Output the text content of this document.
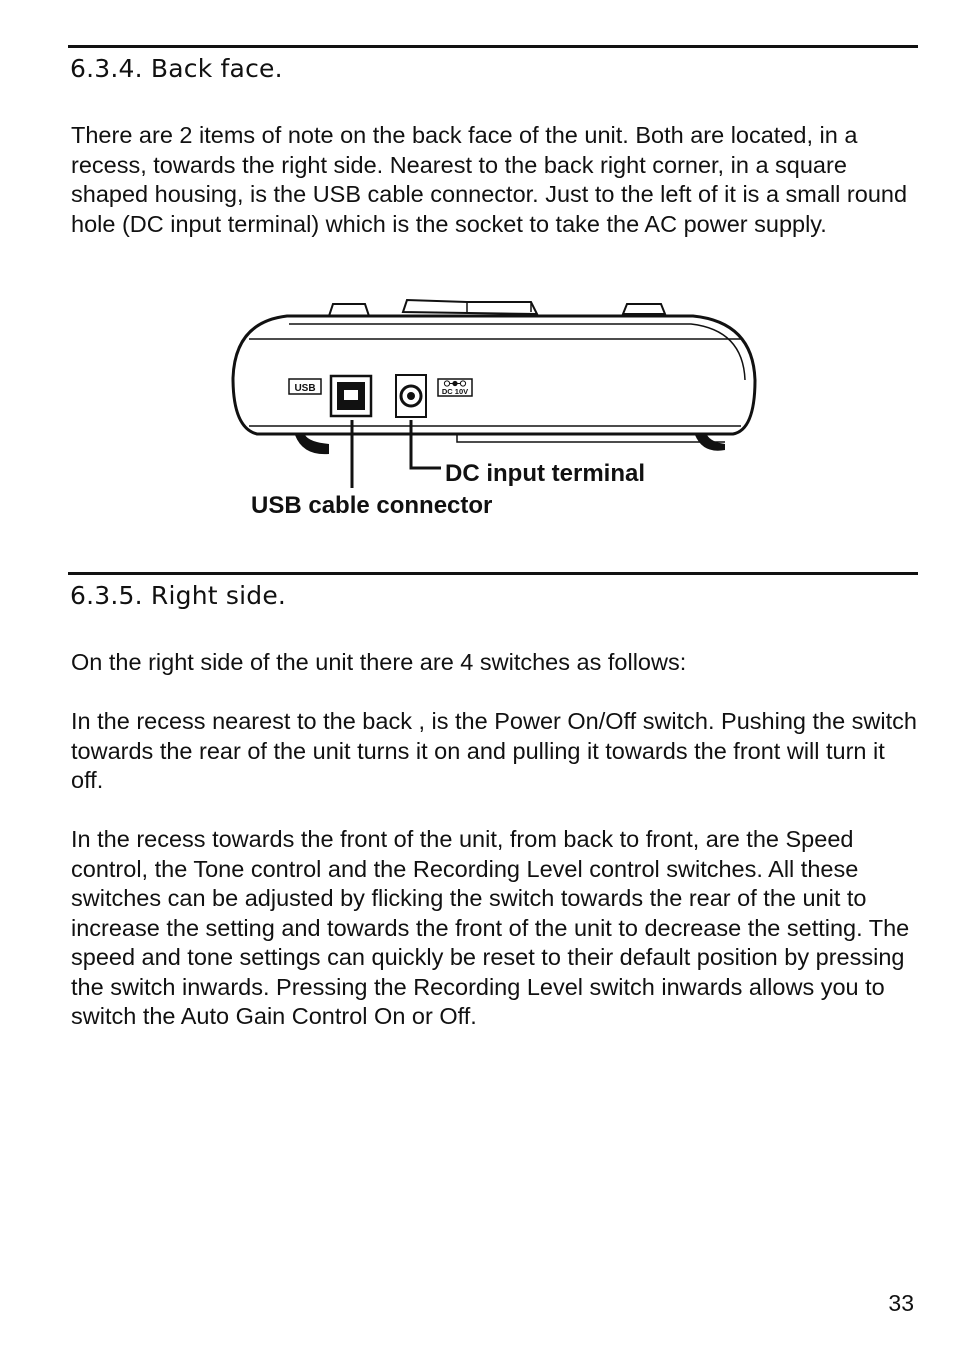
6.3.4. Back face.

There are 2 items of note on the back face of the unit. Both are located, in a recess, towards the right side. Nearest to the back right corner, in a square shaped housing, is the USB cable connector. Just to the left of it is a small round hole (DC input terminal) which is the socket to take the AC power supply.

USB	DC 10V
DC input terminal
USB cable connector
6.3.5. Right side.

On the right side of the unit there are 4 switches as follows:

In the recess nearest to the back , is the Power On/Off switch. Pushing the switch towards the rear of the unit turns it on and pulling it towards the front will turn it off.

In the recess towards the front of the unit, from back to front, are the Speed control, the Tone control and the Recording Level control switches. All these switches can be adjusted by flicking the switch towards the rear of the unit to increase the setting and towards the front of the unit to decrease the setting. The speed and tone settings can quickly be reset to their default position by pressing the switch inwards. Pressing the Recording Level switch inwards allows you to switch the Auto Gain Control On or Off.

33
